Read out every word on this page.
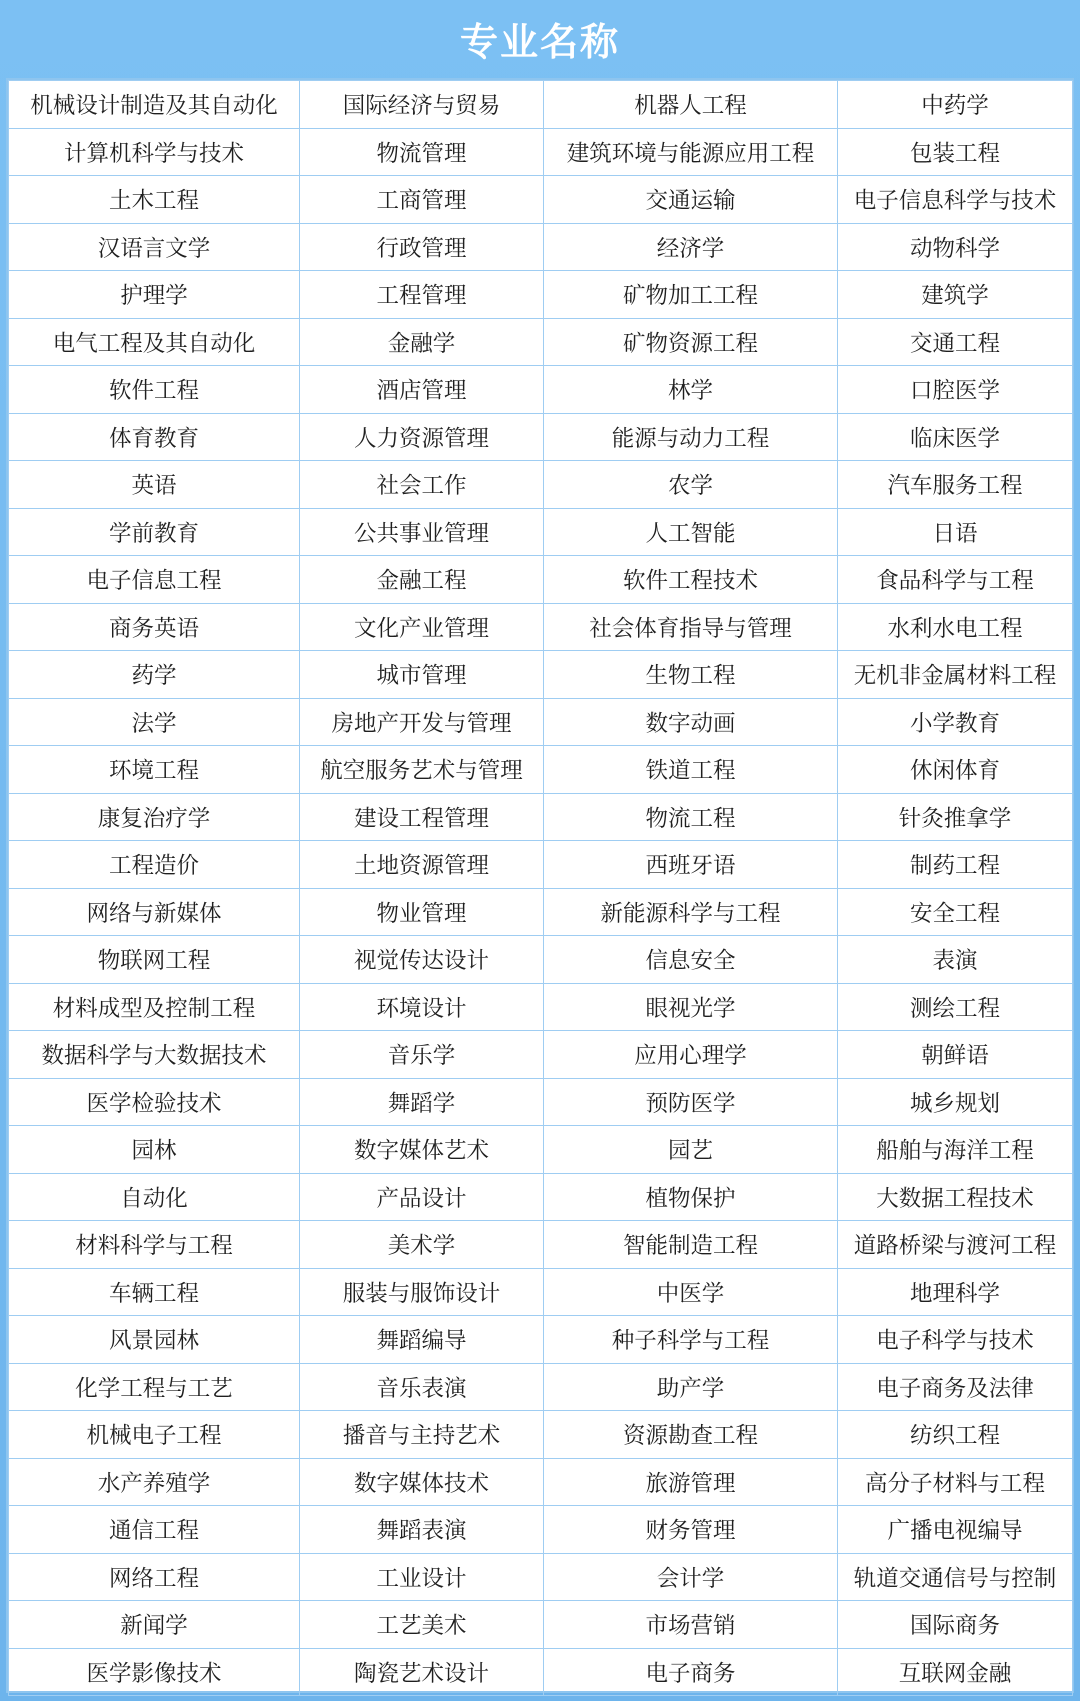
专业名称
机械设计制造及其自动化	国际经济与贸易	机器人工程	中药学
计算机科学与技术	物流管理	建筑环境与能源应用工程	包装工程
土木工程	工商管理	交通运输	电子信息科学与技术
汉语言文学	行政管理	经济学	动物科学
护理学	工程管理	矿物加工工程	建筑学
电气工程及其自动化	金融学	矿物资源工程	交通工程
软件工程	酒店管理	林学	口腔医学
体育教育	人力资源管理	能源与动力工程	临床医学
英语	社会工作	农学	汽车服务工程
学前教育	公共事业管理	人工智能	日语
电子信息工程	金融工程	软件工程技术	食品科学与工程
商务英语	文化产业管理	社会体育指导与管理	水利水电工程
药学	城市管理	生物工程	无机非金属材料工程
法学	房地产开发与管理	数字动画	小学教育
环境工程	航空服务艺术与管理	铁道工程	休闲体育
康复治疗学	建设工程管理	物流工程	针灸推拿学
工程造价	土地资源管理	西班牙语	制药工程
网络与新媒体	物业管理	新能源科学与工程	安全工程
物联网工程	视觉传达设计	信息安全	表演
材料成型及控制工程	环境设计	眼视光学	测绘工程
数据科学与大数据技术	音乐学	应用心理学	朝鲜语
医学检验技术	舞蹈学	预防医学	城乡规划
园林	数字媒体艺术	园艺	船舶与海洋工程
自动化	产品设计	植物保护	大数据工程技术
材料科学与工程	美术学	智能制造工程	道路桥梁与渡河工程
车辆工程	服装与服饰设计	中医学	地理科学
风景园林	舞蹈编导	种子科学与工程	电子科学与技术
化学工程与工艺	音乐表演	助产学	电子商务及法律
机械电子工程	播音与主持艺术	资源勘查工程	纺织工程
水产养殖学	数字媒体技术	旅游管理	高分子材料与工程
通信工程	舞蹈表演	财务管理	广播电视编导
网络工程	工业设计	会计学	轨道交通信号与控制
新闻学	工艺美术	市场营销	国际商务
医学影像技术	陶瓷艺术设计	电子商务	互联网金融
